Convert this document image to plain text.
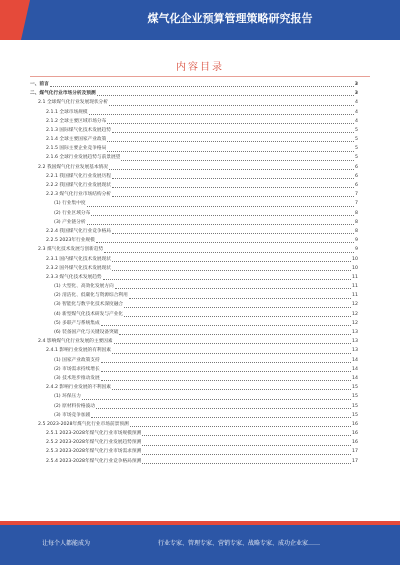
煤气化企业预算管理策略研究报告
内容目录
一、前言	3
二、煤气化行业市场分析及预测	3
2.1 全球煤气化行业发展现状分析	4
2.1.1 全球市场规模	4
2.1.2 全球主要区域市场分布	4
2.1.3 国际煤气化技术发展趋势	5
2.1.4 全球主要国家产业政策	5
2.1.5 国际主要企业竞争格局	5
2.1.6 全球行业发展趋势与前景展望	5
2.2 我国煤气化行业发展基本情况	6
2.2.1 我国煤气化行业发展历程	6
2.2.2 我国煤气化行业发展现状	6
2.2.3 煤气化行业市场结构分析	7
(1) 行业集中度	7
(2) 行业区域分布	8
(3) 产业链分析	8
2.2.4 我国煤气化行业竞争格局	8
2.2.5 2023年行业规模	9
2.3 煤气化技术发展与创新趋势	9
2.3.1 国内煤气化技术发展现状	10
2.3.2 国外煤气化技术发展现状	10
2.3.3 煤气化技术发展趋势	11
(1) 大型化、高效化发展方向	11
(2) 清洁化、低碳化与资源综合利用	11
(3) 智能化与数字化技术深度融合	12
(4) 新型煤气化技术研发与产业化	12
(5) 多联产与系统集成	12
(6) 装备国产化与关键设备突破	13
2.4 影响煤气化行业发展的主要因素	13
2.4.1 影响行业发展的有利因素	13
(1) 国家产业政策支持	14
(2) 市场需求持续增长	14
(3) 技术进步推动发展	14
2.4.2 影响行业发展的不利因素	15
(1) 环保压力	15
(2) 原材料价格波动	15
(3) 市场竞争加剧	15
2.5 2023-2028年煤气化行业市场前景预测	16
2.5.1 2023-2028年煤气化行业市场规模预测	16
2.5.2 2023-2028年煤气化行业发展趋势预测	16
2.5.3 2023-2028年煤气化行业市场需求预测	17
2.5.4 2023-2028年煤气化行业竞争格局预测	17
让每个人都能成为	行业专家、管理专家、营销专家、战略专家、成功企业家……
